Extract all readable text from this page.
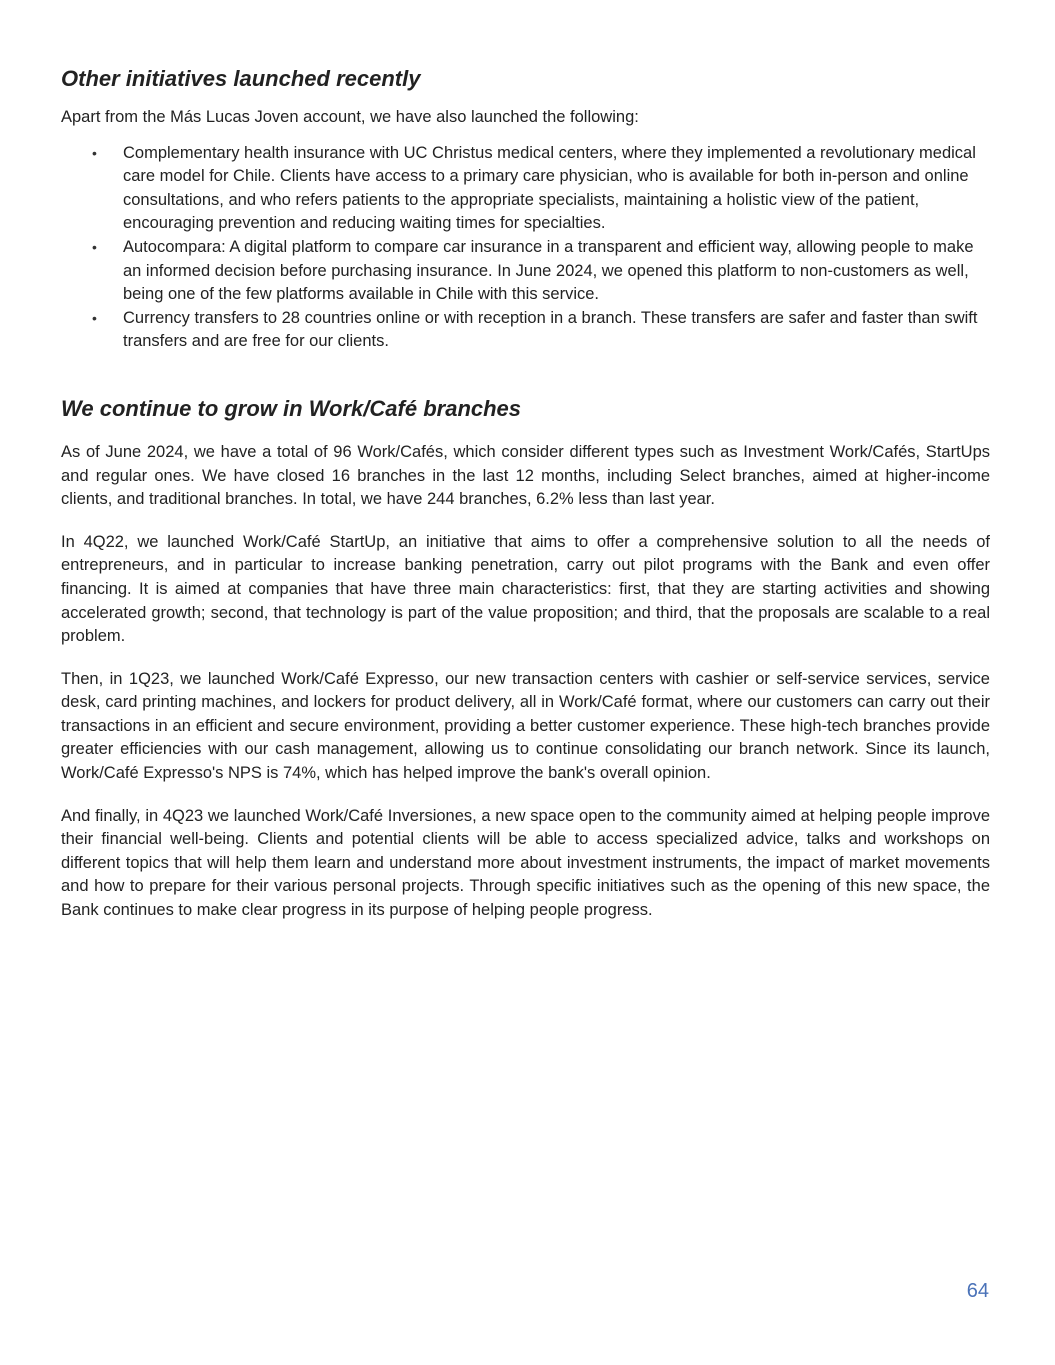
Other initiatives launched recently

Apart from the Más Lucas Joven account, we have also launched the following:

• Complementary health insurance with UC Christus medical centers, where they implemented a revolutionary medical care model for Chile. Clients have access to a primary care physician, who is available for both in-person and online consultations, and who refers patients to the appropriate specialists, maintaining a holistic view of the patient, encouraging prevention and reducing waiting times for specialties.
• Autocompara: A digital platform to compare car insurance in a transparent and efficient way, allowing people to make an informed decision before purchasing insurance. In June 2024, we opened this platform to non-customers as well, being one of the few platforms available in Chile with this service.
• Currency transfers to 28 countries online or with reception in a branch. These transfers are safer and faster than swift transfers and are free for our clients.
We continue to grow in Work/Café branches

As of June 2024, we have a total of 96 Work/Cafés, which consider different types such as Investment Work/Cafés, StartUps and regular ones. We have closed 16 branches in the last 12 months, including Select branches, aimed at higher-income clients, and traditional branches. In total, we have 244 branches, 6.2% less than last year.

In 4Q22, we launched Work/Café StartUp, an initiative that aims to offer a comprehensive solution to all the needs of entrepreneurs, and in particular to increase banking penetration, carry out pilot programs with the Bank and even offer financing. It is aimed at companies that have three main characteristics: first, that they are starting activities and showing accelerated growth; second, that technology is part of the value proposition; and third, that the proposals are scalable to a real problem.

Then, in 1Q23, we launched Work/Café Expresso, our new transaction centers with cashier or self-service services, service desk, card printing machines, and lockers for product delivery, all in Work/Café format, where our customers can carry out their transactions in an efficient and secure environment, providing a better customer experience. These high-tech branches provide greater efficiencies with our cash management, allowing us to continue consolidating our branch network. Since its launch, Work/Café Expresso's NPS is 74%, which has helped improve the bank's overall opinion.

And finally, in 4Q23 we launched Work/Café Inversiones, a new space open to the community aimed at helping people improve their financial well-being. Clients and potential clients will be able to access specialized advice, talks and workshops on different topics that will help them learn and understand more about investment instruments, the impact of market movements and how to prepare for their various personal projects. Through specific initiatives such as the opening of this new space, the Bank continues to make clear progress in its purpose of helping people progress.

64
